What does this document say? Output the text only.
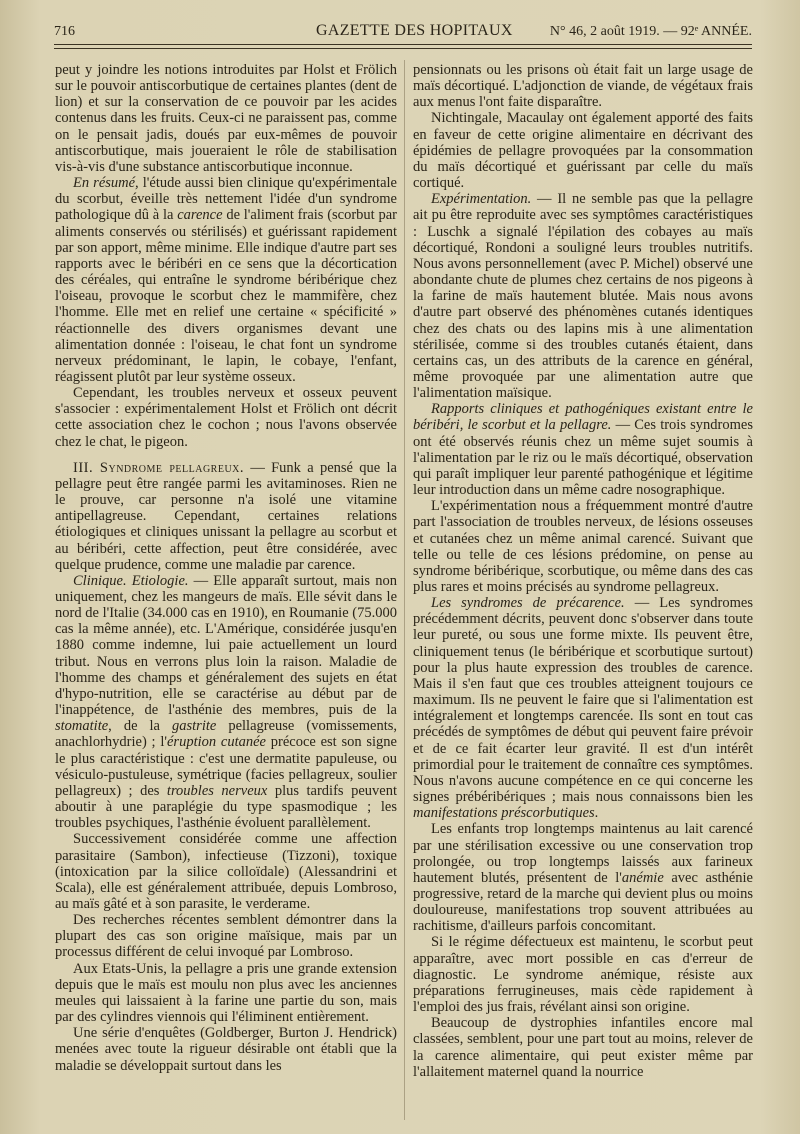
716	GAZETTE DES HOPITAUX	N° 46, 2 août 1919. — 92ᵉ ANNÉE.

peut y joindre les notions introduites par Holst et Frölich sur le pouvoir antiscorbutique de certaines plantes (dent de lion) et sur la conservation de ce pouvoir par les acides contenus dans les fruits. Ceux-ci ne paraissent pas, comme on le pensait jadis, doués par eux-mêmes de pouvoir antiscorbutique, mais joueraient le rôle de stabilisation vis-à-vis d'une substance antiscorbutique inconnue.

En résumé, l'étude aussi bien clinique qu'expérimentale du scorbut, éveille très nettement l'idée d'un syndrome pathologique dû à la carence de l'aliment frais (scorbut par aliments conservés ou stérilisés) et guérissant rapidement par son apport, même minime. Elle indique d'autre part ses rapports avec le béribéri en ce sens que la décortication des céréales, qui entraîne le syndrome béribérique chez l'oiseau, provoque le scorbut chez le mammifère, chez l'homme. Elle met en relief une certaine « spécificité » réactionnelle des divers organismes devant une alimentation donnée : l'oiseau, le chat font un syndrome nerveux prédominant, le lapin, le cobaye, l'enfant, réagissent plutôt par leur système osseux.

Cependant, les troubles nerveux et osseux peuvent s'associer : expérimentalement Holst et Frölich ont décrit cette association chez le cochon ; nous l'avons observée chez le chat, le pigeon.

III. Syndrome pellagreux. — Funk a pensé que la pellagre peut être rangée parmi les avitaminoses. Rien ne le prouve, car personne n'a isolé une vitamine antipellagreuse. Cependant, certaines relations étiologiques et cliniques unissant la pellagre au scorbut et au béribéri, cette affection, peut être considérée, avec quelque prudence, comme une maladie par carence.

Clinique. Etiologie. — Elle apparaît surtout, mais non uniquement, chez les mangeurs de maïs. Elle sévit dans le nord de l'Italie (34.000 cas en 1910), en Roumanie (75.000 cas la même année), etc. L'Amérique, considérée jusqu'en 1880 comme indemne, lui paie actuellement un lourd tribut. Nous en verrons plus loin la raison. Maladie de l'homme des champs et généralement des sujets en état d'hypo-nutrition, elle se caractérise au début par de l'inappétence, de l'asthénie des membres, puis de la stomatite, de la gastrite pellagreuse (vomissements, anachlorhydrie) ; l'éruption cutanée précoce est son signe le plus caractéristique : c'est une dermatite papuleuse, ou vésiculo-pustuleuse, symétrique (facies pellagreux, soulier pellagreux) ; des troubles nerveux plus tardifs peuvent aboutir à une paraplégie du type spasmodique ; les troubles psychiques, l'asthénie évoluent parallèlement.

Successivement considérée comme une affection parasitaire (Sambon), infectieuse (Tizzoni), toxique (intoxication par la silice colloïdale) (Alessandrini et Scala), elle est généralement attribuée, depuis Lombroso, au maïs gâté et à son parasite, le verderame.

Des recherches récentes semblent démontrer dans la plupart des cas son origine maïsique, mais par un processus différent de celui invoqué par Lombroso.

Aux Etats-Unis, la pellagre a pris une grande extension depuis que le maïs est moulu non plus avec les anciennes meules qui laissaient à la farine une partie du son, mais par des cylindres viennois qui l'éliminent entièrement.

Une série d'enquêtes (Goldberger, Burton J. Hendrick) menées avec toute la rigueur désirable ont établi que la maladie se développait surtout dans les

pensionnats ou les prisons où était fait un large usage de maïs décortiqué. L'adjonction de viande, de végétaux frais aux menus l'ont faite disparaître.

Nichtingale, Macaulay ont également apporté des faits en faveur de cette origine alimentaire en décrivant des épidémies de pellagre provoquées par la consommation du maïs décortiqué et guérissant par celle du maïs cortiqué.

Expérimentation. — Il ne semble pas que la pellagre ait pu être reproduite avec ses symptômes caractéristiques : Luschk a signalé l'épilation des cobayes au maïs décortiqué, Rondoni a souligné leurs troubles nutritifs. Nous avons personnellement (avec P. Michel) observé une abondante chute de plumes chez certains de nos pigeons à la farine de maïs hautement blutée. Mais nous avons d'autre part observé des phénomènes cutanés identiques chez des chats ou des lapins mis à une alimentation stérilisée, comme si des troubles cutanés étaient, dans certains cas, un des attributs de la carence en général, même provoquée par une alimentation autre que l'alimentation maïsique.

Rapports cliniques et pathogéniques existant entre le béribéri, le scorbut et la pellagre. — Ces trois syndromes ont été observés réunis chez un même sujet soumis à l'alimentation par le riz ou le maïs décortiqué, observation qui paraît impliquer leur parenté pathogénique et légitime leur introduction dans un même cadre nosographique.

L'expérimentation nous a fréquemment montré d'autre part l'association de troubles nerveux, de lésions osseuses et cutanées chez un même animal carencé. Suivant que telle ou telle de ces lésions prédomine, on pense au syndrome béribérique, scorbutique, ou même dans des cas plus rares et moins précisés au syndrome pellagreux.

Les syndromes de précarence. — Les syndromes précédemment décrits, peuvent donc s'observer dans toute leur pureté, ou sous une forme mixte. Ils peuvent être, cliniquement tenus (le béribérique et scorbutique surtout) pour la plus haute expression des troubles de carence. Mais il s'en faut que ces troubles atteignent toujours ce maximum. Ils ne peuvent le faire que si l'alimentation est intégralement et longtemps carencée. Ils sont en tout cas précédés de symptômes de début qui peuvent faire prévoir et de ce fait écarter leur gravité. Il est d'un intérêt primordial pour le traitement de connaître ces symptômes. Nous n'avons aucune compétence en ce qui concerne les signes prébéribériques ; mais nous connaissons bien les manifestations préscorbutiques.

Les enfants trop longtemps maintenus au lait carencé par une stérilisation excessive ou une conservation trop prolongée, ou trop longtemps laissés aux farineux hautement blutés, présentent de l'anémie avec asthénie progressive, retard de la marche qui devient plus ou moins douloureuse, manifestations trop souvent attribuées au rachitisme, d'ailleurs parfois concomitant.

Si le régime défectueux est maintenu, le scorbut peut apparaître, avec mort possible en cas d'erreur de diagnostic. Le syndrome anémique, résiste aux préparations ferrugineuses, mais cède rapidement à l'emploi des jus frais, révélant ainsi son origine.

Beaucoup de dystrophies infantiles encore mal classées, semblent, pour une part tout au moins, relever de la carence alimentaire, qui peut exister même par l'allaitement maternel quand la nourrice
